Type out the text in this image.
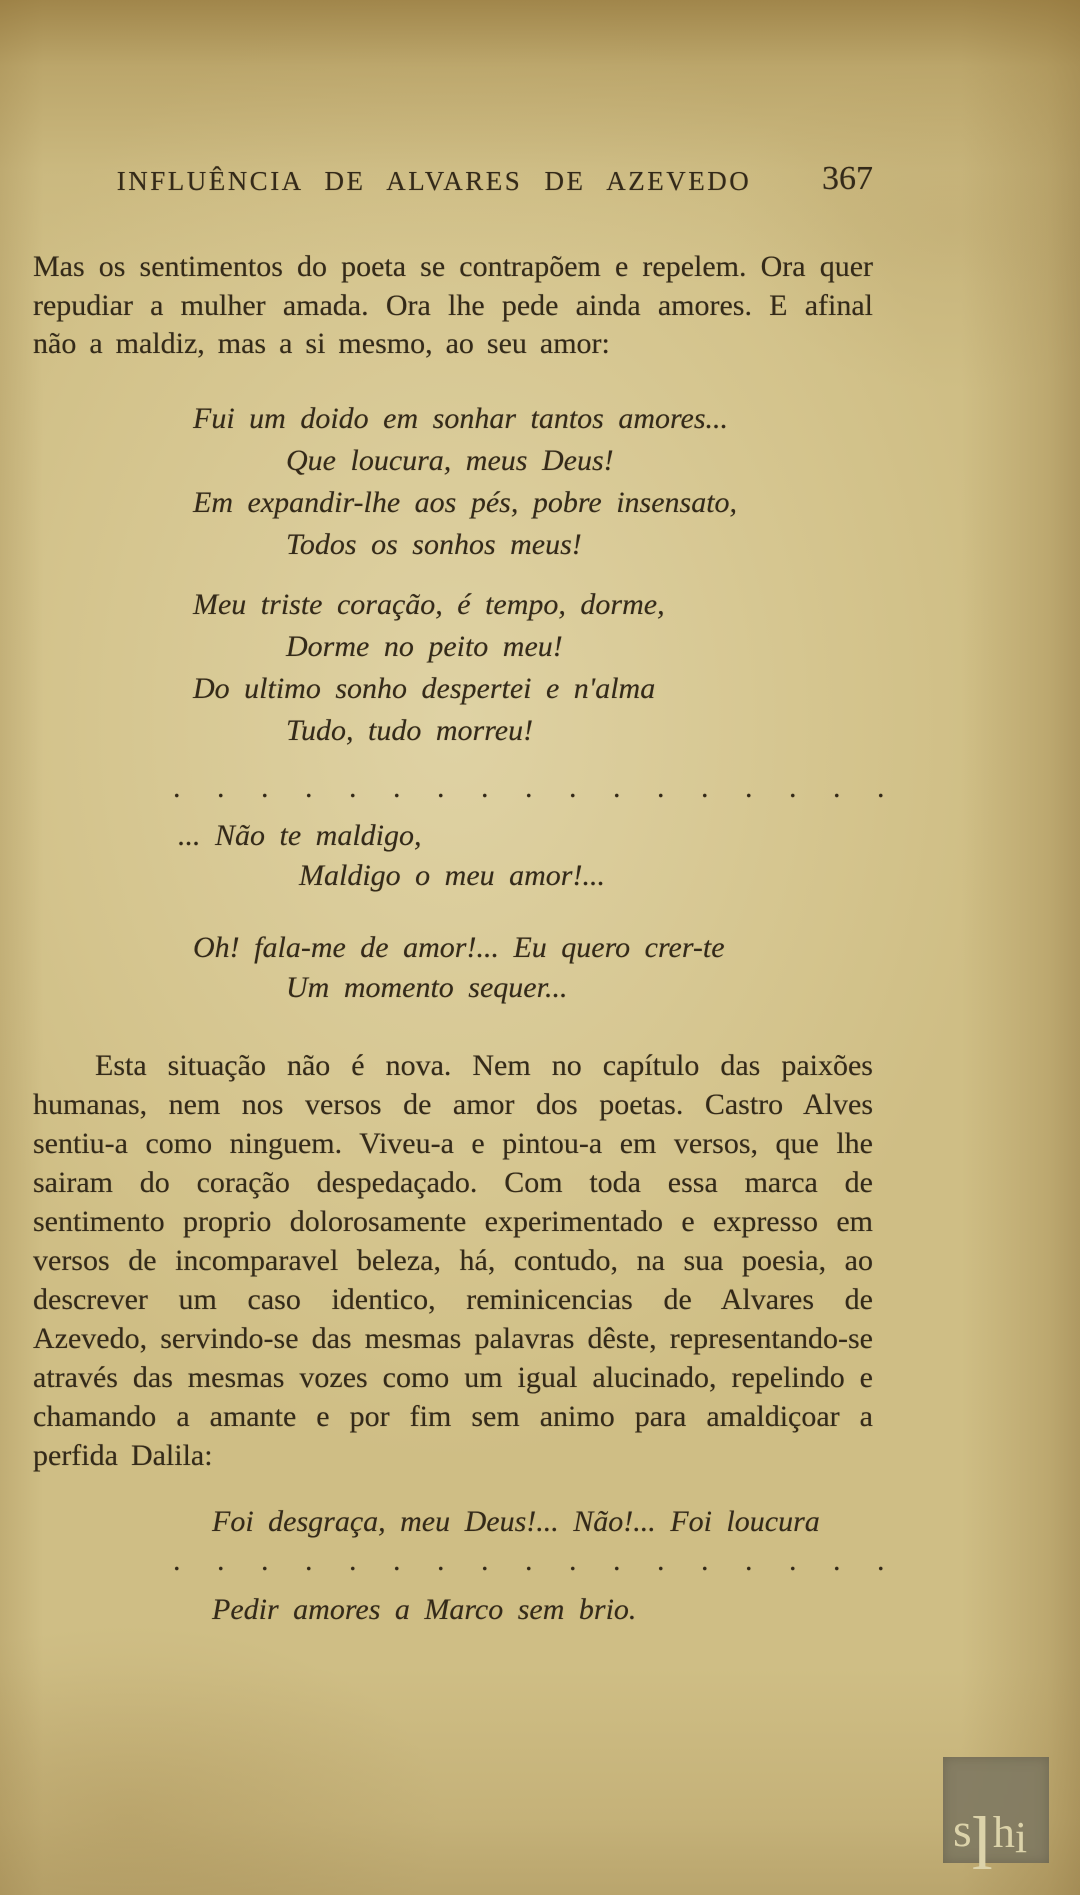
INFLUÊNCIA DE ALVARES DE AZEVEDO 367

Mas os sentimentos do poeta se contrapõem e repelem. Ora quer repudiar a mulher amada. Ora lhe pede ainda amores. E afinal não a maldiz, mas a si mesmo, ao seu amor:

Fui um doido em sonhar tantos amores...
Que loucura, meus Deus!
Em expandir-lhe aos pés, pobre insensato,
Todos os sonhos meus!
Meu triste coração, é tempo, dorme,
Dorme no peito meu!
Do ultimo sonho despertei e n'alma
Tudo, tudo morreu!
. . . . . . . . . . . . . . . . .
... Não te maldigo,
Maldigo o meu amor!...
Oh! fala-me de amor!... Eu quero crer-te
Um momento sequer...

Esta situação não é nova. Nem no capítulo das paixões humanas, nem nos versos de amor dos poetas. Castro Alves sentiu-a como ninguem. Viveu-a e pintou-a em versos, que lhe sairam do coração despedaçado. Com toda essa marca de sentimento proprio dolorosamente experimentado e expresso em versos de incomparavel beleza, há, contudo, na sua poesia, ao descrever um caso identico, reminicencias de Alvares de Azevedo, servindo-se das mesmas palavras dêste, representando-se através das mesmas vozes como um igual alucinado, repelindo e chamando a amante e por fim sem animo para amaldiçoar a perfida Dalila:

Foi desgraça, meu Deus!... Não!... Foi loucura
. . . . . . . . . . . . . . . . .
Pedir amores a Marco sem brio.
s l h i
